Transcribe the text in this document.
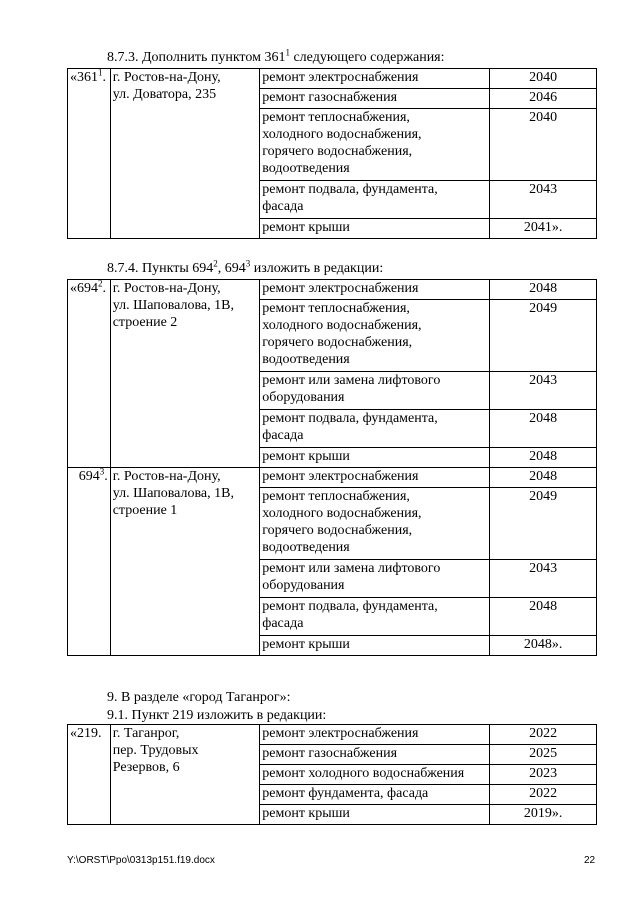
8.7.3. Дополнить пунктом $361^1$ следующего содержания:
«$361^1$.	г. Ростов-на-Дону,
ул. Доватора, 235	ремонт электроснабжения	2040
		ремонт газоснабжения	2046
		ремонт теплоснабжения,
холодного водоснабжения,
горячего водоснабжения,
водоотведения	2040
		ремонт подвала, фундамента,
фасада	2043
		ремонт крыши	2041».
8.7.4. Пункты $694^2$, $694^3$ изложить в редакции:
«$694^2$.	г. Ростов-на-Дону,
ул. Шаповалова, 1В,
строение 2	ремонт электроснабжения	2048
		ремонт теплоснабжения,
холодного водоснабжения,
горячего водоснабжения,
водоотведения	2049
		ремонт или замена лифтового
оборудования	2043
		ремонт подвала, фундамента,
фасада	2048
		ремонт крыши	2048
$694^3$.	г. Ростов-на-Дону,
ул. Шаповалова, 1В,
строение 1	ремонт электроснабжения	2048
		ремонт теплоснабжения,
холодного водоснабжения,
горячего водоснабжения,
водоотведения	2049
		ремонт или замена лифтового
оборудования	2043
		ремонт подвала, фундамента,
фасада	2048
		ремонт крыши	2048».
9. В разделе «город Таганрог»:
9.1. Пункт 219 изложить в редакции:
«219.	г. Таганрог,
пер. Трудовых
Резервов, 6	ремонт электроснабжения	2022
		ремонт газоснабжения	2025
		ремонт холодного водоснабжения	2023
		ремонт фундамента, фасада	2022
		ремонт крыши	2019».
Y:\ORST\Ppo\0313p151.f19.docx	22
